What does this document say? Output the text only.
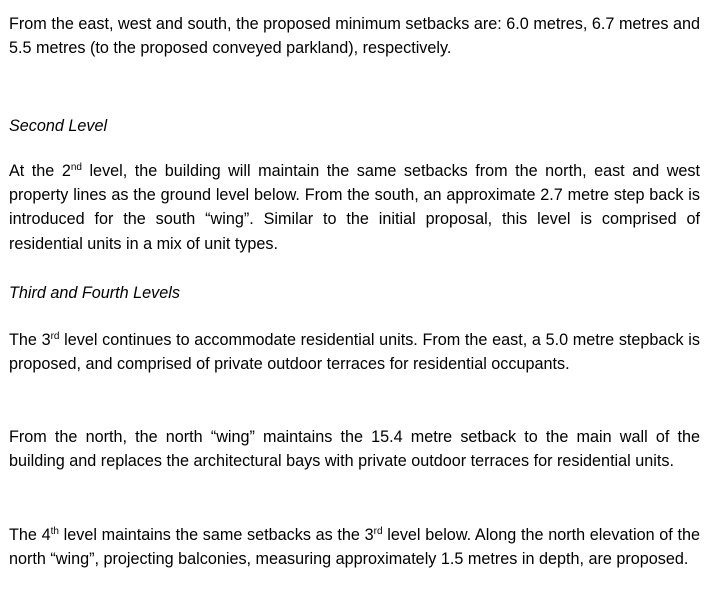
From the east, west and south, the proposed minimum setbacks are: 6.0 metres, 6.7 metres and 5.5 metres (to the proposed conveyed parkland), respectively.

Second Level

At the 2nd level, the building will maintain the same setbacks from the north, east and west property lines as the ground level below. From the south, an approximate 2.7 metre step back is introduced for the south “wing”. Similar to the initial proposal, this level is comprised of residential units in a mix of unit types.

Third and Fourth Levels

The 3rd level continues to accommodate residential units. From the east, a 5.0 metre stepback is proposed, and comprised of private outdoor terraces for residential occupants.

From the north, the north “wing” maintains the 15.4 metre setback to the main wall of the building and replaces the architectural bays with private outdoor terraces for residential units.

The 4th level maintains the same setbacks as the 3rd level below. Along the north elevation of the north “wing”, projecting balconies, measuring approximately 1.5 metres in depth, are proposed.
